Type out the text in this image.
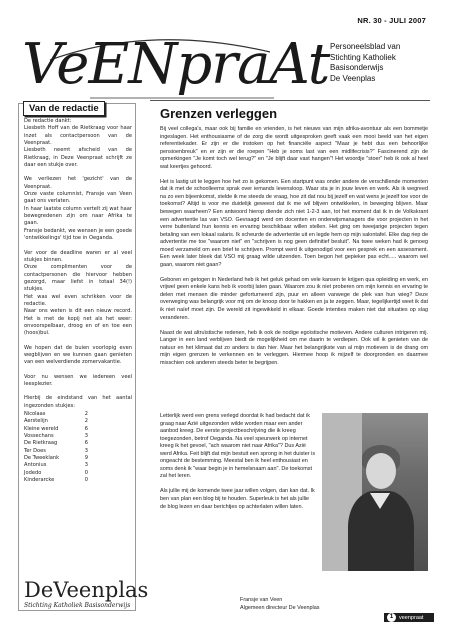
NR. 30 - JULI 2007
VeENpraAt Personeelsblad van
Stichting Katholiek
Basisonderwijs
De Veenplas
Van de redactie

De redactie dankt:
Liesbeth Hoff van de Rietkraag voor haar inzet als contactpersoon van de Veenpraat.
Liesbeth neemt afscheid van de Rietkraag, in Deze Veenpraat schrijft ze daar een stukje over.

We verliezen het 'gezicht' van de Veenpraat.
Onze vaste columnist, Fransje van Veen gaat ons verlaten.
In haar laatste column vertelt zij wat haar bewegredenen zijn om naar Afrika te gaan.
Fransje bedankt, we wensen je een goede 'ontwikkelings' tijd toe in Oeganda.

Ver voor de deadline waren er al veel stukjes binnen.
Onze complimenten voor de contactpersonen die hiervoor hebben gezorgd, maar liefst in totaal 34(!) stukjes.
Het was wel even schrikken voor de redactie.
Naar ons weten is dit een nieuw record. Het is met de kopij net als het weer: onvoorspelbaar, droog en of en toe een (hoos)bui.

We hopen dat de buien voorlopig even wegblijven en we kunnen gaan genieten van een welverdiende zomervakantie.

Voor nu wensen we iedereen veel leesplezier.

Hierbij de eindstand van het aantal ingezonden stukjes:

Nicolaas	2
Aerstelijn	2
Kleine wereld	6
Vossechans	3
De Rietkraag	6
Ter Does	3
De Tweeklank	9
Antonius	3
Jodedo	0
Kinderarcke	0
DeVeenplas
Stichting Katholiek Basisonderwijs
Grenzen verleggen

Bij veel collega's, maar ook bij familie en vrienden, is het nieuws van mijn afrika-avontuur als een bommetje ingeslagen. Het enthousiasme of de zorg die wordt uitgesproken geeft vaak een mooi beeld van het eigen referentiekader. Er zijn er die instoken op het financiële aspect "Maar je hebt dus een behoorlijke pensioenbreuk" en er zijn er die roepen "Heb je soms last van een midlifecrisis?" Fascinerend zijn de opmerkingen "Je komt toch wel terug?" en "Je blijft daar vast hangen"! Het woordje "stoer" heb ik ook al heel wat keertjes gehoord.

Het is lastig uit te leggen hoe het zo is gekomen. Een startpunt was onder andere de verschillende momenten dat ik met de schoolleerns sprak over iemands levensloop. Waar sta je in jouw leven en werk. Als ik wegreed na zo een bijeenkomst, stelde ik me steeds de vraag, hoe zit dat nou bij jezelf en wat wens je jezelf toe voor de toekomst? Altijd is voor me duidelijk geweest dat ik me wil blijven ontwikkelen, in beweging blijven. Maar bewegen waarheen? Een antwoord hierop diende zich niet 1-2-3 aan, tot het moment dat ik in de Volkskrant een advertentie las van VSO. Gevraagd werd om docenten en onderwijsmanagers die voor projecten in het verre buitenland hun kennis en ervaring beschikbaar willen stellen. Het ging om tweejarige projecten tegen betaling van een lokaal salaris. Ik scheurde de advertentie uit en legde hem op mijn salontafel. Elke dag riep de advertentie me toe "waarom niet" en "schrijven is nog geen definitief besluit". Na twee weken had ik genoeg moed verzameld om een brief te schrijven. Prompt werd ik uitgenodigd voor een gesprek en een assessment. Een week later bleek dat VSO mij graag wilde uitzenden. Toen begon het gepieker pas echt..... waarom wel gaan, waarom niet gaan?

Geboren en getogen in Nederland heb ik het geluk gehad om vele kansen te krijgen qua opleiding en werk, en vrijwel geen enkele kans heb ik voorbij laten gaan. Waarom zou ik niet proberen om mijn kennis en ervaring te delen met mensen die minder geforturneerd zijn, puur en alleen vanwege de plek van hun wieg? Deze overweging was belangrijk voor mij om de knoop door te hakken en ja te zeggen. Maar, tegelijkertijd weet ik dat ik niet naïef moet zijn. De wereld zit ingewikkeld in elkaar. Goede intenties maken niet dat situaties op slag veranderen.

Naast de wat altruïstische redenen, heb ik ook de nodige egoïstische motieven. Andere culturen intrigeren mij. Langer in een land verblijven biedt de mogelijkheid om me daarin te verdiepen. Ook wil ik genieten van de natuur en het klimaat dat zo anders is dan hier. Maar het belangrijkste van al mijn motieven is de drang om mijn eigen grenzen te verkennen en te verleggen. Hiermee hoop ik mijzelf te doorgronden en daarmee misschien ook anderen steeds beter te begrijpen.

Letterlijk werd een grens verlegd doordat ik had bedacht dat ik graag naar Azië uitgezonden wilde worden maar een ander aanbod kreeg. De eerste projectbeschrijving die ik kreeg toegezonden, betrof Oeganda. Na veel speurwerk op internet kreeg ik het gevoel, "ach waarom niet naar Afrika"? Dus Azië werd Afrika. Feit blijft dat mijn bestuit een sprong in het duister is ongeacht de bestemming. Meestal ben ik heel enthousiast en soms denk ik "waar begin je in hemelsnaam aan". De toekomst zal het leren.

Als jullie mij de komende twee jaar willen volgen, dan kan dat. Ik ben van plan een blog bij te houden. Superleuk is het als jullie de blog lezen en daar berichtjes op achterlaten willen laten.

Fransje van Veen
Algemeen directeur De Veenplas
1	veenpraat
